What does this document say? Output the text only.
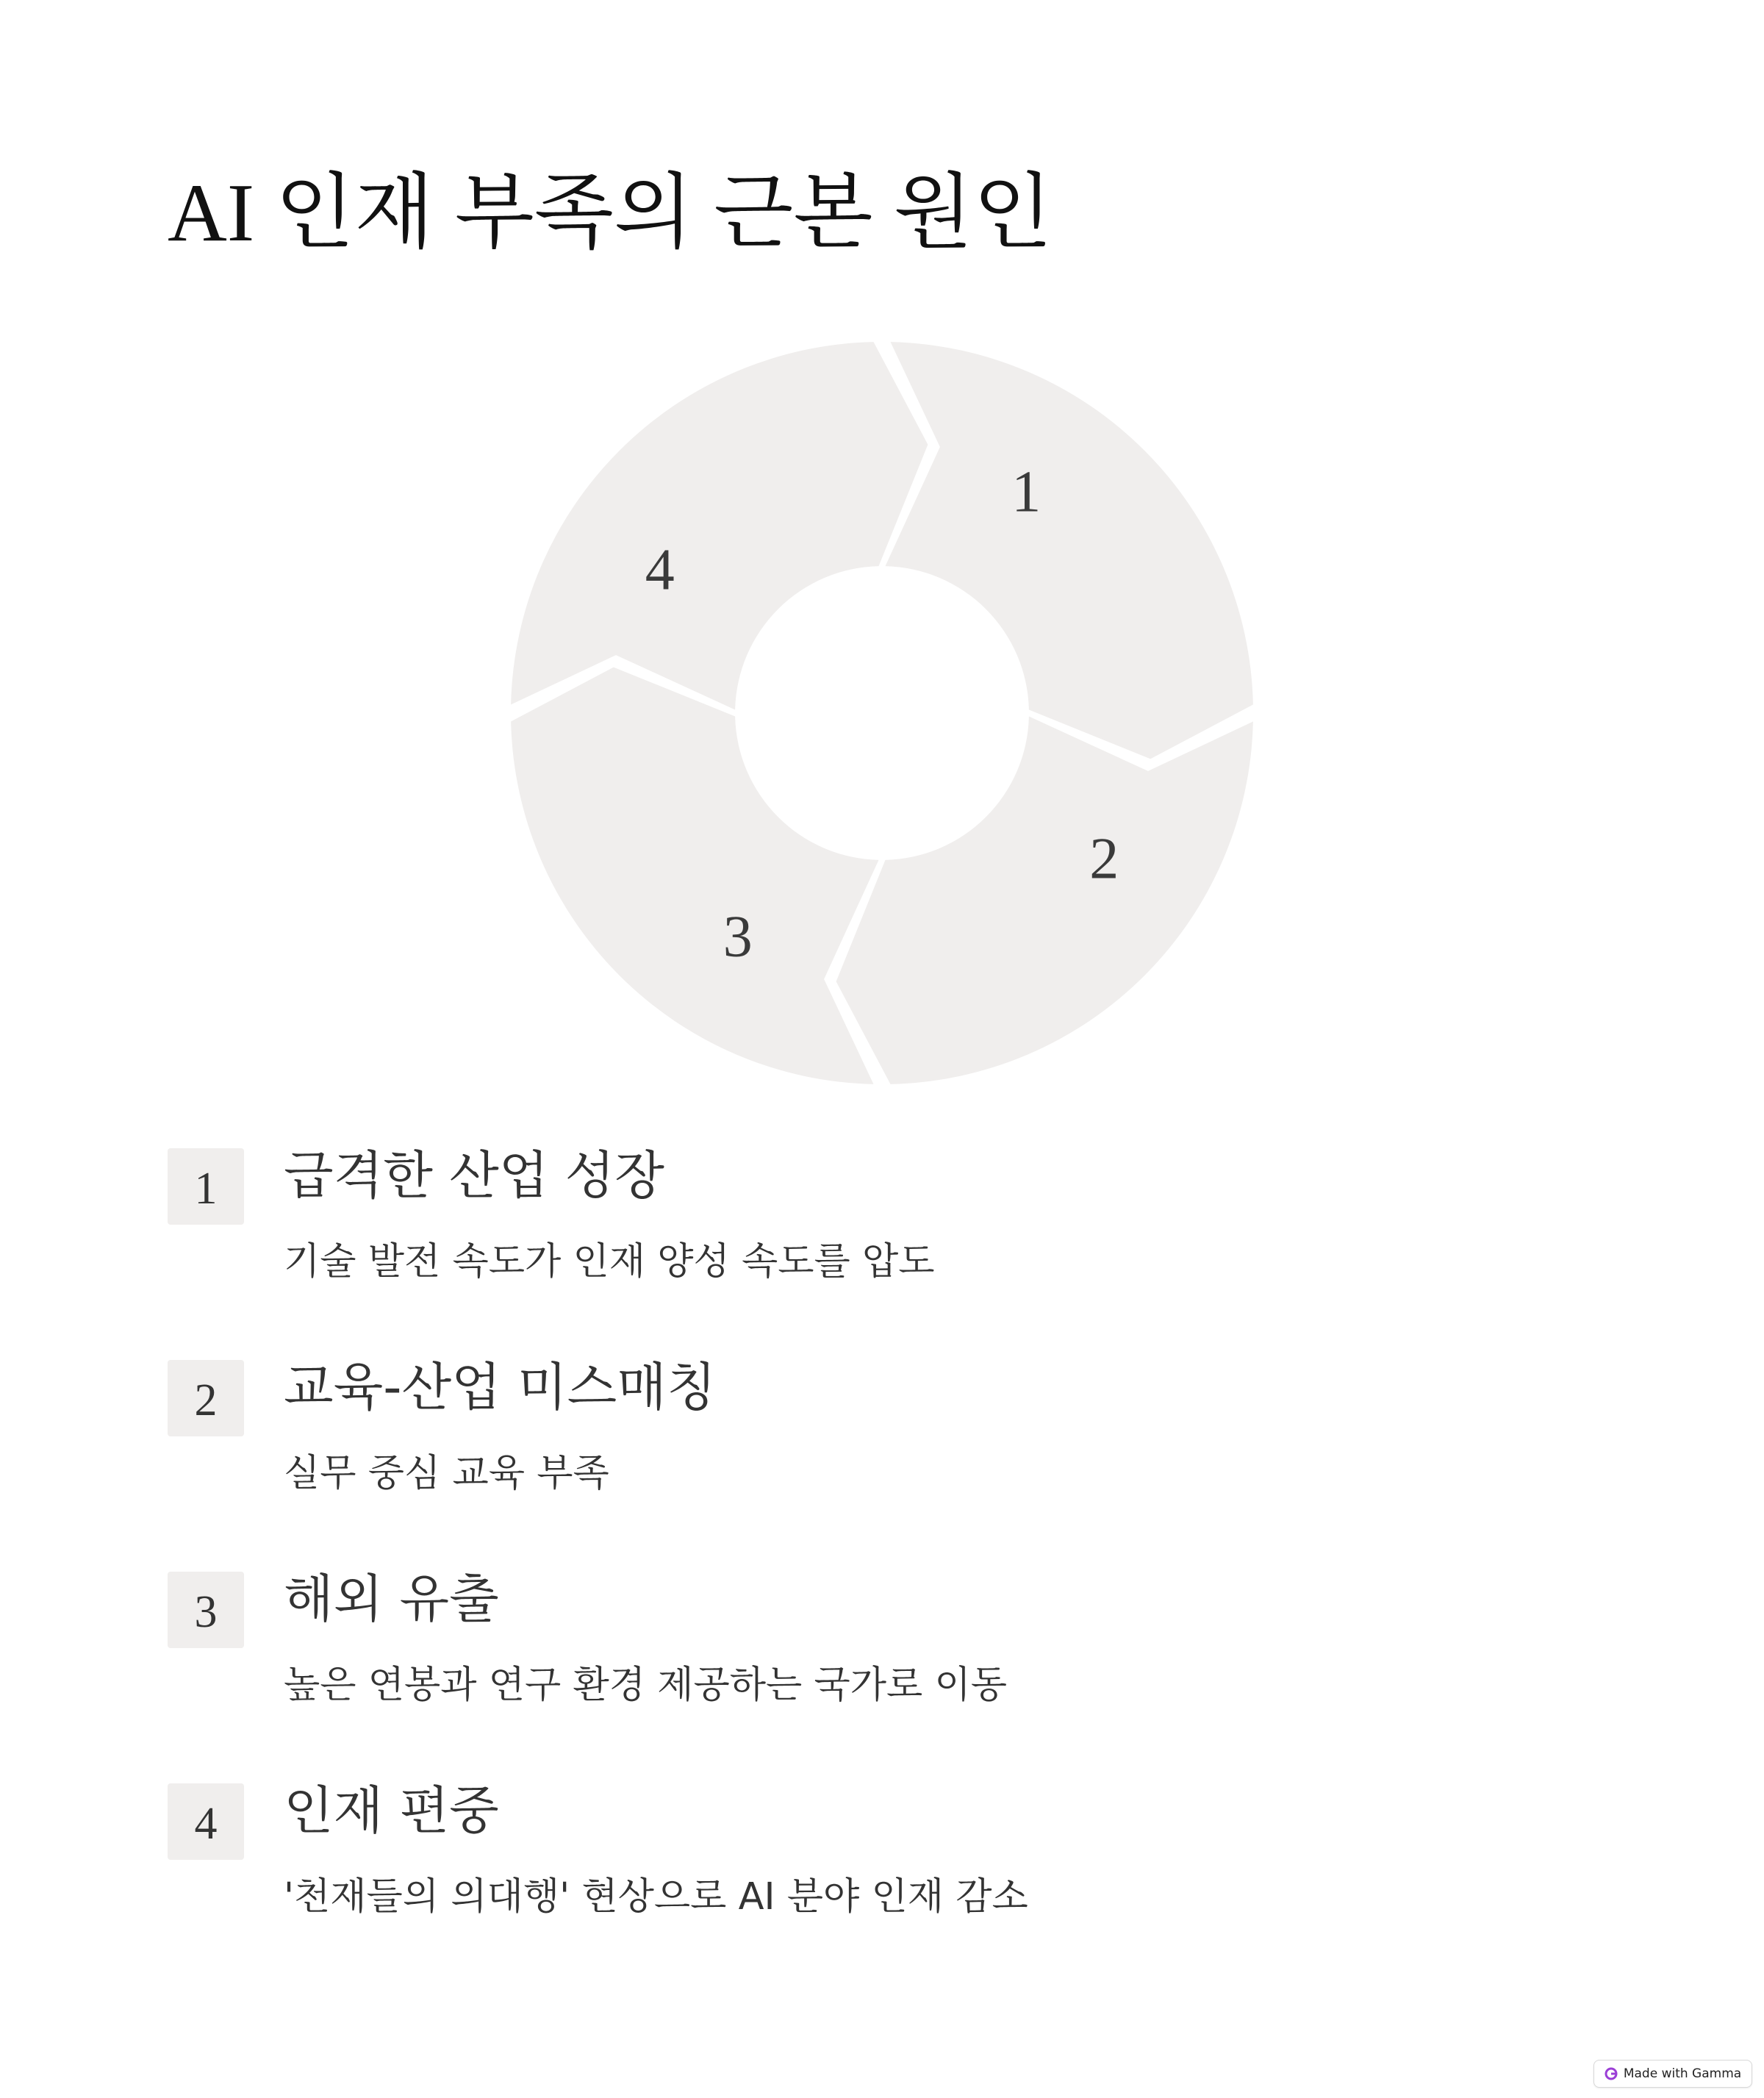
AI 인재 부족의 근본 원인
1
2
3
4
1 급격한 산업 성장
기술 발전 속도가 인재 양성 속도를 압도
2 교육-산업 미스매칭
실무 중심 교육 부족
3 해외 유출
높은 연봉과 연구 환경 제공하는 국가로 이동
4 인재 편중
'천재들의 의대행' 현상으로 AI 분야 인재 감소
Made with Gamma
